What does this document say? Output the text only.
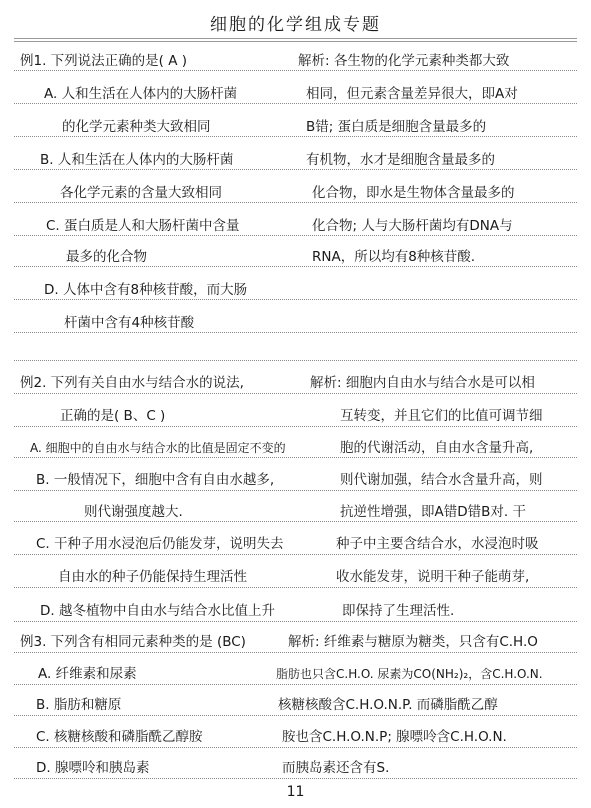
细胞的化学组成专题
例1. 下列说法正确的是( A )
A. 人和生活在人体内的大肠杆菌
的化学元素种类大致相同
B. 人和生活在人体内的大肠杆菌
各化学元素的含量大致相同
C. 蛋白质是人和大肠杆菌中含量
最多的化合物
D. 人体中含有8种核苷酸，而大肠
杆菌中含有4种核苷酸
解析: 各生物的化学元素种类都大致
相同，但元素含量差异很大，即A对
B错; 蛋白质是细胞含量最多的
有机物，水才是细胞含量最多的
化合物，即水是生物体含量最多的
化合物; 人与大肠杆菌均有DNA与
RNA，所以均有8种核苷酸.
例2. 下列有关自由水与结合水的说法,
正确的是( B、C )
A. 细胞中的自由水与结合水的比值是固定不变的
B. 一般情况下，细胞中含有自由水越多,
则代谢强度越大.
C. 干种子用水浸泡后仍能发芽，说明失去
自由水的种子仍能保持生理活性
D. 越冬植物中自由水与结合水比值上升
解析: 细胞内自由水与结合水是可以相
互转变，并且它们的比值可调节细
胞的代谢活动，自由水含量升高,
则代谢加强，结合水含量升高，则
抗逆性增强，即A错D错B对. 干
种子中主要含结合水，水浸泡时吸
收水能发芽，说明干种子能萌芽,
即保持了生理活性.
例3. 下列含有相同元素种类的是 (BC)	解析: 纤维素与糖原为糖类，只含有C.H.O
A. 纤维素和尿素
B. 脂肪和糖原
C. 核糖核酸和磷脂酰乙醇胺
D. 腺嘌呤和胰岛素
脂肪也只含C.H.O. 尿素为CO(NH₂)₂，含C.H.O.N.
核糖核酸含C.H.O.N.P. 而磷脂酰乙醇
胺也含C.H.O.N.P; 腺嘌呤含C.H.O.N.
而胰岛素还含有S.
11
